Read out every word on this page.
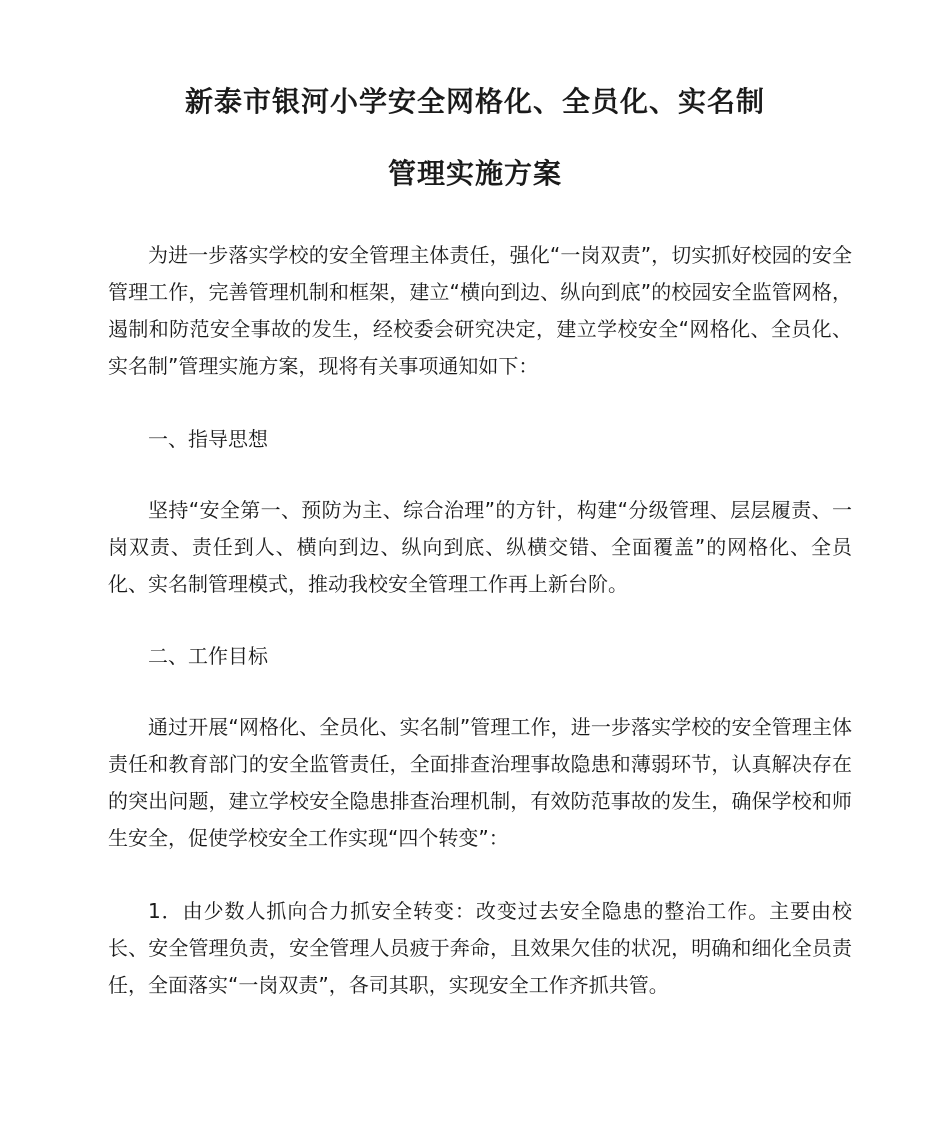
新泰市银河小学安全网格化、全员化、实名制
管理实施方案
为进一步落实学校的安全管理主体责任，强化“一岗双责”，切实抓好校园的安全管理工作，完善管理机制和框架，建立“横向到边、纵向到底”的校园安全监管网格，遏制和防范安全事故的发生，经校委会研究决定，建立学校安全“网格化、全员化、实名制”管理实施方案，现将有关事项通知如下：
一、指导思想
坚持“安全第一、预防为主、综合治理”的方针，构建“分级管理、层层履责、一岗双责、责任到人、横向到边、纵向到底、纵横交错、全面覆盖”的网格化、全员化、实名制管理模式，推动我校安全管理工作再上新台阶。
二、工作目标
通过开展“网格化、全员化、实名制”管理工作，进一步落实学校的安全管理主体责任和教育部门的安全监管责任，全面排查治理事故隐患和薄弱环节，认真解决存在的突出问题，建立学校安全隐患排查治理机制，有效防范事故的发生，确保学校和师生安全，促使学校安全工作实现“四个转变”：
1．由少数人抓向合力抓安全转变：改变过去安全隐患的整治工作。主要由校长、安全管理负责，安全管理人员疲于奔命，且效果欠佳的状况，明确和细化全员责任，全面落实“一岗双责”，各司其职，实现安全工作齐抓共管。
